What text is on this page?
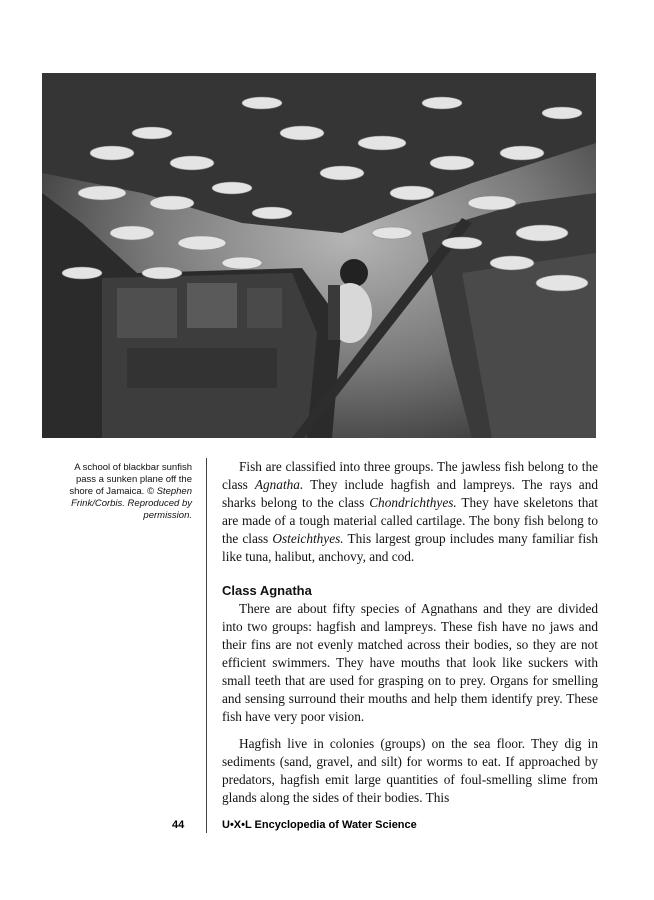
A school of blackbar sunfish pass a sunken plane off the shore of Jamaica. © Stephen Frink/Corbis. Reproduced by permission.

Fish are classified into three groups. The jawless fish belong to the class Agnatha. They include hagfish and lampreys. The rays and sharks belong to the class Chondrichthyes. They have skeletons that are made of a tough material called cartilage. The bony fish belong to the class Osteichthyes. This largest group includes many familiar fish like tuna, halibut, anchovy, and cod.

Class Agnatha

There are about fifty species of Agnathans and they are divided into two groups: hagfish and lampreys. These fish have no jaws and their fins are not evenly matched across their bodies, so they are not efficient swimmers. They have mouths that look like suckers with small teeth that are used for grasping on to prey. Organs for smelling and sensing surround their mouths and help them identify prey. These fish have very poor vision.

Hagfish live in colonies (groups) on the sea floor. They dig in sediments (sand, gravel, and silt) for worms to eat. If approached by predators, hagfish emit large quantities of foul-smelling slime from glands along the sides of their bodies. This

44	U•X•L Encyclopedia of Water Science
